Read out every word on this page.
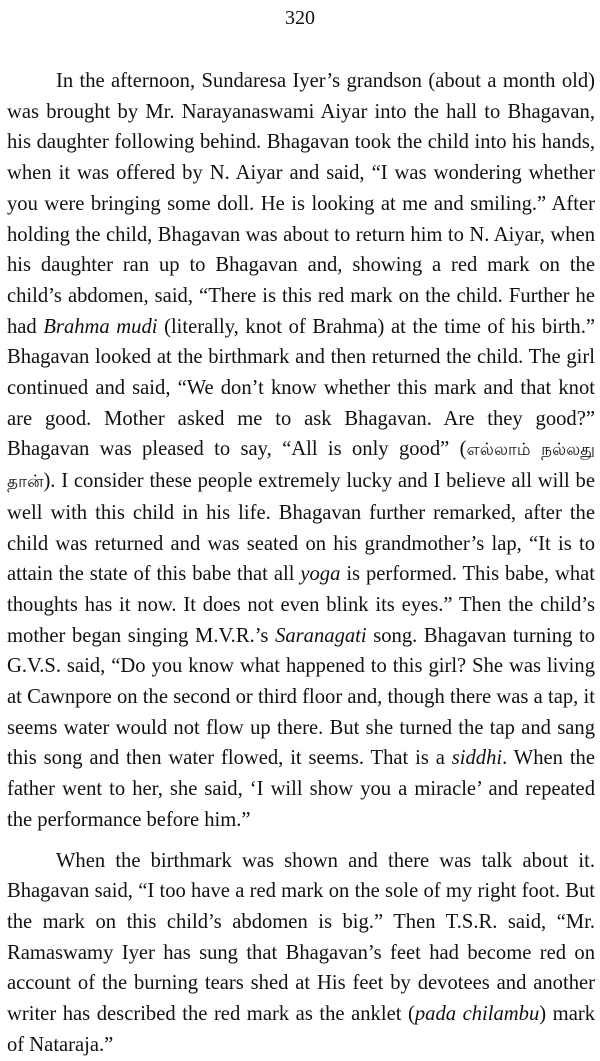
320

In the afternoon, Sundaresa Iyer’s grandson (about a month old) was brought by Mr. Narayanaswami Aiyar into the hall to Bhagavan, his daughter following behind. Bhagavan took the child into his hands, when it was offered by N. Aiyar and said, “I was wondering whether you were bringing some doll. He is looking at me and smiling.” After holding the child, Bhagavan was about to return him to N. Aiyar, when his daughter ran up to Bhagavan and, showing a red mark on the child’s abdomen, said, “There is this red mark on the child. Further he had Brahma mudi (literally, knot of Brahma) at the time of his birth.” Bhagavan looked at the birthmark and then returned the child. The girl continued and said, “We don’t know whether this mark and that knot are good. Mother asked me to ask Bhagavan. Are they good?” Bhagavan was pleased to say, “All is only good” (எல்லாம் நல்லது தான்). I consider these people extremely lucky and I believe all will be well with this child in his life. Bhagavan further remarked, after the child was returned and was seated on his grandmother’s lap, “It is to attain the state of this babe that all yoga is performed. This babe, what thoughts has it now. It does not even blink its eyes.” Then the child’s mother began singing M.V.R.’s Saranagati song. Bhagavan turning to G.V.S. said, “Do you know what happened to this girl? She was living at Cawnpore on the second or third floor and, though there was a tap, it seems water would not flow up there. But she turned the tap and sang this song and then water flowed, it seems. That is a siddhi. When the father went to her, she said, ‘I will show you a miracle’ and repeated the performance before him.”

When the birthmark was shown and there was talk about it. Bhagavan said, “I too have a red mark on the sole of my right foot. But the mark on this child’s abdomen is big.” Then T.S.R. said, “Mr. Ramaswamy Iyer has sung that Bhagavan’s feet had become red on account of the burning tears shed at His feet by devotees and another writer has described the red mark as the anklet (pada chilambu) mark of Nataraja.”
